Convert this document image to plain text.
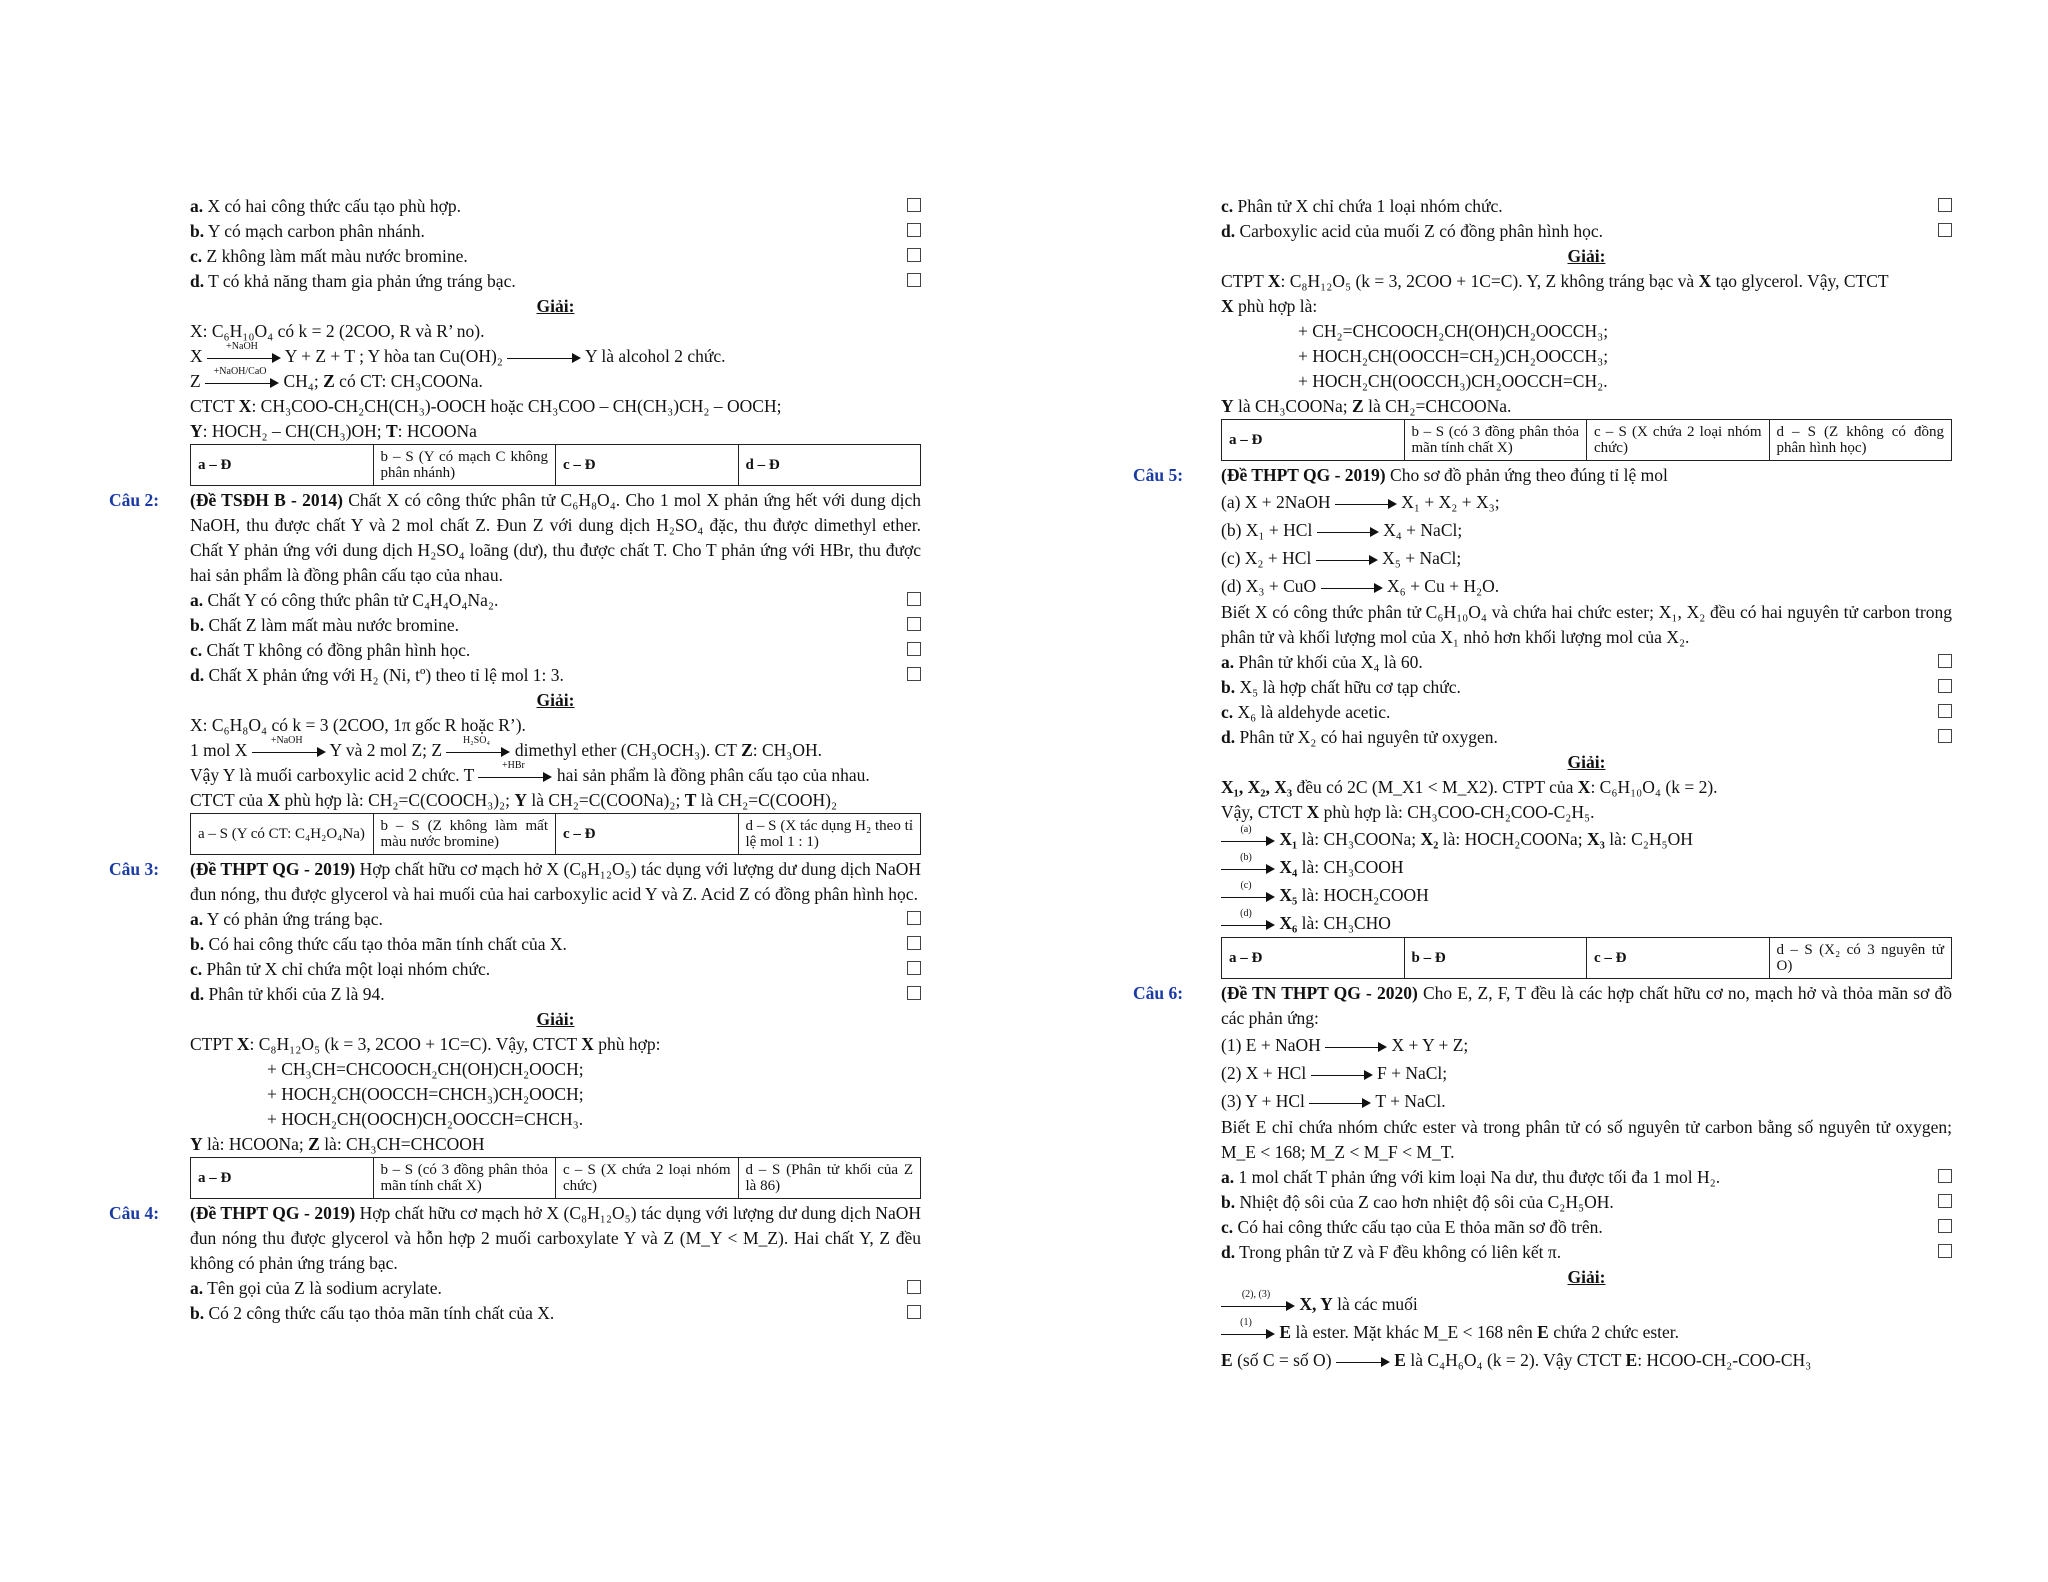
a. X có hai công thức cấu tạo phù hợp.
b. Y có mạch carbon phân nhánh.
c. Z không làm mất màu nước bromine.
d. T có khả năng tham gia phản ứng tráng bạc.
Giải:
X: C₆H₁₀O₄ có k = 2 (2COO, R và R’ no).
X	+NaOH	Y + Z + T ; Y hòa tan Cu(OH)₂	Y là alcohol 2 chức.
Z +NaOH/CaO CH₄; Z có CT: CH₃COONa.
CTCT X: CH₃COO-CH₂CH(CH₃)-OOCH hoặc CH₃COO – CH(CH₃)CH₂ – OOCH;
Y: HOCH₂ – CH(CH₃)OH; T: HCOONa
a – Đ	b – S (Y có mạch C không phân nhánh)	c – Đ	d – Đ
Câu 2:	(Đề TSĐH B - 2014) Chất X có công thức phân tử C₆H₈O₄. Cho 1 mol X phản ứng hết với dung dịch NaOH, thu được chất Y và 2 mol chất Z. Đun Z với dung dịch H₂SO₄ đặc, thu được dimethyl ether. Chất Y phản ứng với dung dịch H₂SO₄ loãng (dư), thu được chất T. Cho T phản ứng với HBr, thu được hai sản phẩm là đồng phân cấu tạo của nhau.
a. Chất Y có công thức phân tử C₄H₄O₄Na₂.
b. Chất Z làm mất màu nước bromine.
c. Chất T không có đồng phân hình học.
d. Chất X phản ứng với H₂ (Ni, tº) theo tỉ lệ mol 1: 3.
Giải:
X: C₆H₈O₄ có k = 3 (2COO, 1π gốc R hoặc R’).
1 mol X	+NaOH	Y và 2 mol Z; Z	H₂SO₄	dimethyl ether (CH₃OCH₃). CT Z: CH₃OH.
Vậy Y là muối carboxylic acid 2 chức. T	+HBr	hai sản phẩm là đồng phân cấu tạo của nhau.
CTCT của X phù hợp là: CH₂=C(COOCH₃)₂; Y là CH₂=C(COONa)₂; T là CH₂=C(COOH)₂
a – S (Y có CT: C₄H₂O₄Na)	b – S (Z không làm mất màu nước bromine)	c – Đ	d – S (X tác dụng H₂ theo tỉ lệ mol 1 : 1)
Câu 3:	(Đề THPT QG - 2019) Hợp chất hữu cơ mạch hở X (C₈H₁₂O₅) tác dụng với lượng dư dung dịch NaOH đun nóng, thu được glycerol và hai muối của hai carboxylic acid Y và Z. Acid Z có đồng phân hình học.
a. Y có phản ứng tráng bạc.
b. Có hai công thức cấu tạo thỏa mãn tính chất của X.
c. Phân tử X chỉ chứa một loại nhóm chức.
d. Phân tử khối của Z là 94.
Giải:
CTPT X: C₈H₁₂O₅ (k = 3, 2COO + 1C=C). Vậy, CTCT X phù hợp:
+ CH₃CH=CHCOOCH₂CH(OH)CH₂OOCH;
+ HOCH₂CH(OOCCH=CHCH₃)CH₂OOCH;
+ HOCH₂CH(OOCH)CH₂OOCCH=CHCH₃.
Y là: HCOONa; Z là: CH₃CH=CHCOOH
a – Đ	b – S (có 3 đồng phân thỏa mãn tính chất X)	c – S (X chứa 2 loại nhóm chức)	d – S (Phân tử khối của Z là 86)
Câu 4:	(Đề THPT QG - 2019) Hợp chất hữu cơ mạch hở X (C₈H₁₂O₅) tác dụng với lượng dư dung dịch NaOH đun nóng thu được glycerol và hỗn hợp 2 muối carboxylate Y và Z (M_Y < M_Z). Hai chất Y, Z đều không có phản ứng tráng bạc.
a. Tên gọi của Z là sodium acrylate.
b. Có 2 công thức cấu tạo thỏa mãn tính chất của X.
c. Phân tử X chỉ chứa 1 loại nhóm chức.
d. Carboxylic acid của muối Z có đồng phân hình học.
Giải:
CTPT X: C₈H₁₂O₅ (k = 3, 2COO + 1C=C). Y, Z không tráng bạc và X tạo glycerol. Vậy, CTCT
X phù hợp là:
+ CH₂=CHCOOCH₂CH(OH)CH₂OOCCH₃;
+ HOCH₂CH(OOCCH=CH₂)CH₂OOCCH₃;
+ HOCH₂CH(OOCCH₃)CH₂OOCCH=CH₂.
Y là CH₃COONa; Z là CH₂=CHCOONa.
a – Đ	b – S (có 3 đồng phân thỏa mãn tính chất X)	c – S (X chứa 2 loại nhóm chức)	d – S (Z không có đồng phân hình học)
Câu 5:	(Đề THPT QG - 2019) Cho sơ đồ phản ứng theo đúng tỉ lệ mol
(a) X + 2NaOH	X₁ + X₂ + X₃;
(b) X₁ + HCl	X₄ + NaCl;
(c) X₂ + HCl	X₅ + NaCl;
(d) X₃ + CuO	X₆ + Cu + H₂O.
Biết X có công thức phân tử C₆H₁₀O₄ và chứa hai chức ester; X₁, X₂ đều có hai nguyên tử carbon trong phân tử và khối lượng mol của X₁ nhỏ hơn khối lượng mol của X₂.
a. Phân tử khối của X₄ là 60.
b. X₅ là hợp chất hữu cơ tạp chức.
c. X₆ là aldehyde acetic.
d. Phân tử X₂ có hai nguyên tử oxygen.
Giải:
X₁, X₂, X₃ đều có 2C (M_X1 < M_X2). CTPT của X: C₆H₁₀O₄ (k = 2).
Vậy, CTCT X phù hợp là: CH₃COO-CH₂COO-C₂H₅.
(a)	X₁ là: CH₃COONa; X₂ là: HOCH₂COONa; X₃ là: C₂H₅OH
(b)	X₄ là: CH₃COOH
(c)	X₅ là: HOCH₂COOH
(d)	X₆ là: CH₃CHO
a – Đ	b – Đ	c – Đ	d – S (X₂ có 3 nguyên tử O)
Câu 6:	(Đề TN THPT QG - 2020) Cho E, Z, F, T đều là các hợp chất hữu cơ no, mạch hở và thỏa mãn sơ đồ các phản ứng:
(1) E + NaOH	X + Y + Z;
(2) X + HCl	F + NaCl;
(3) Y + HCl	T + NaCl.
Biết E chỉ chứa nhóm chức ester và trong phân tử có số nguyên tử carbon bằng số nguyên tử oxygen; M_E < 168; M_Z < M_F < M_T.
a. 1 mol chất T phản ứng với kim loại Na dư, thu được tối đa 1 mol H₂.
b. Nhiệt độ sôi của Z cao hơn nhiệt độ sôi của C₂H₅OH.
c. Có hai công thức cấu tạo của E thỏa mãn sơ đồ trên.
d. Trong phân tử Z và F đều không có liên kết π.
Giải:
(2), (3)	X, Y là các muối
(1)	E là ester. Mặt khác M_E < 168 nên E chứa 2 chức ester.
E (số C = số O)	E là C₄H₆O₄ (k = 2). Vậy CTCT E: HCOO-CH₂-COO-CH₃
